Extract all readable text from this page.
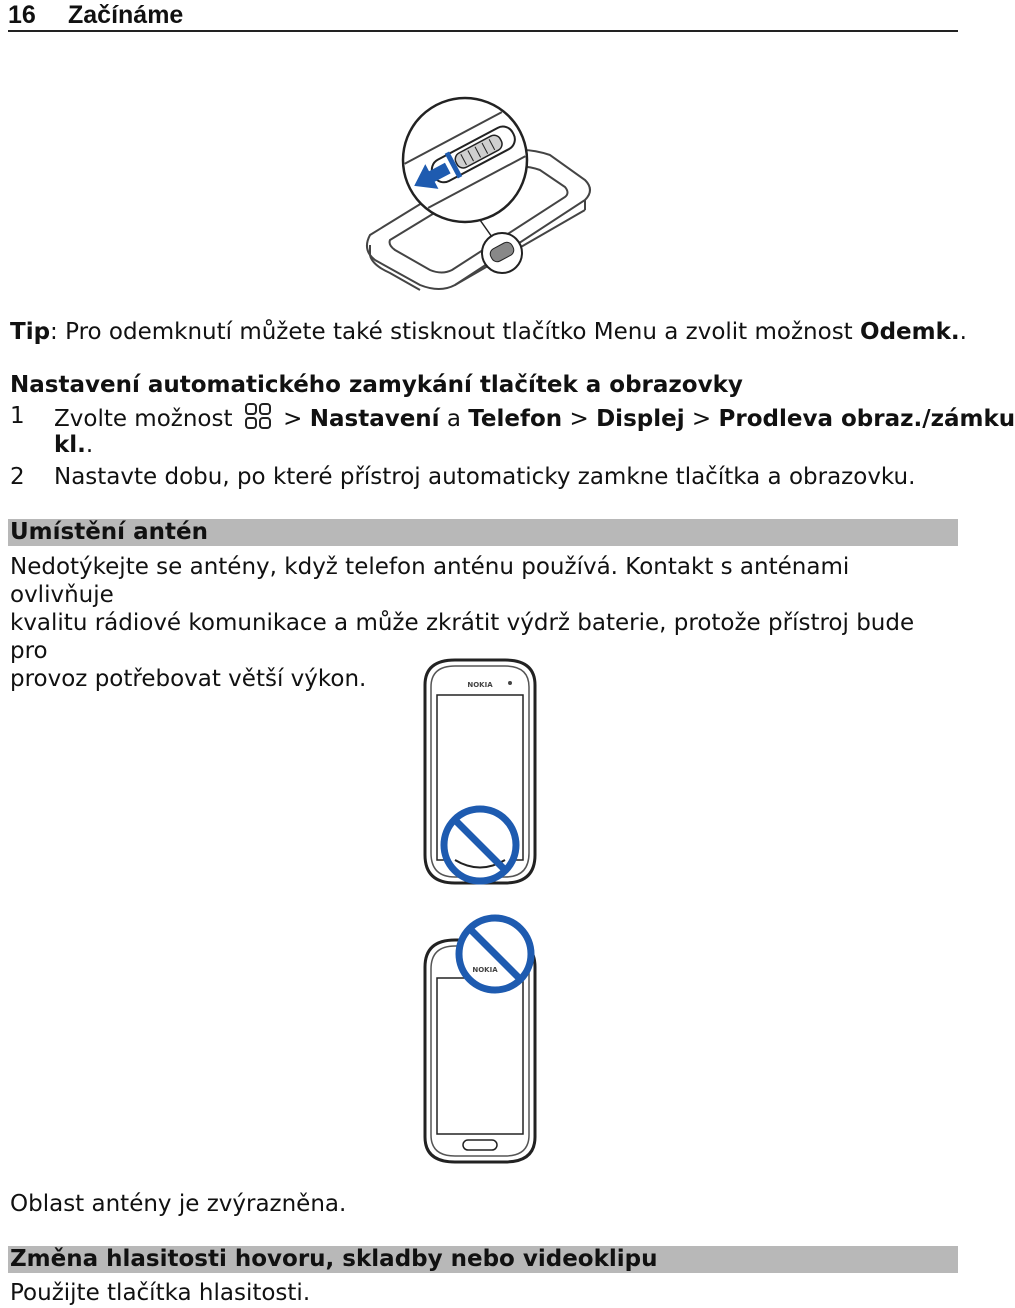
16	Začínáme
Tip: Pro odemknutí můžete také stisknout tlačítko Menu a zvolit možnost Odemk..
Nastavení automatického zamykání tlačítek a obrazovky
1 Zvolte možnost  > Nastavení a Telefon > Displej > Prodleva obraz./zámku
kl..
2 Nastavte dobu, po které přístroj automaticky zamkne tlačítka a obrazovku.
Umístění antén
Nedotýkejte se antény, když telefon anténu používá. Kontakt s anténami ovlivňuje
kvalitu rádiové komunikace a může zkrátit výdrž baterie, protože přístroj bude pro
provoz potřebovat větší výkon.	NOKIA
NOKIA
Oblast antény je zvýrazněna.
Změna hlasitosti hovoru, skladby nebo videoklipu
Použijte tlačítka hlasitosti.
